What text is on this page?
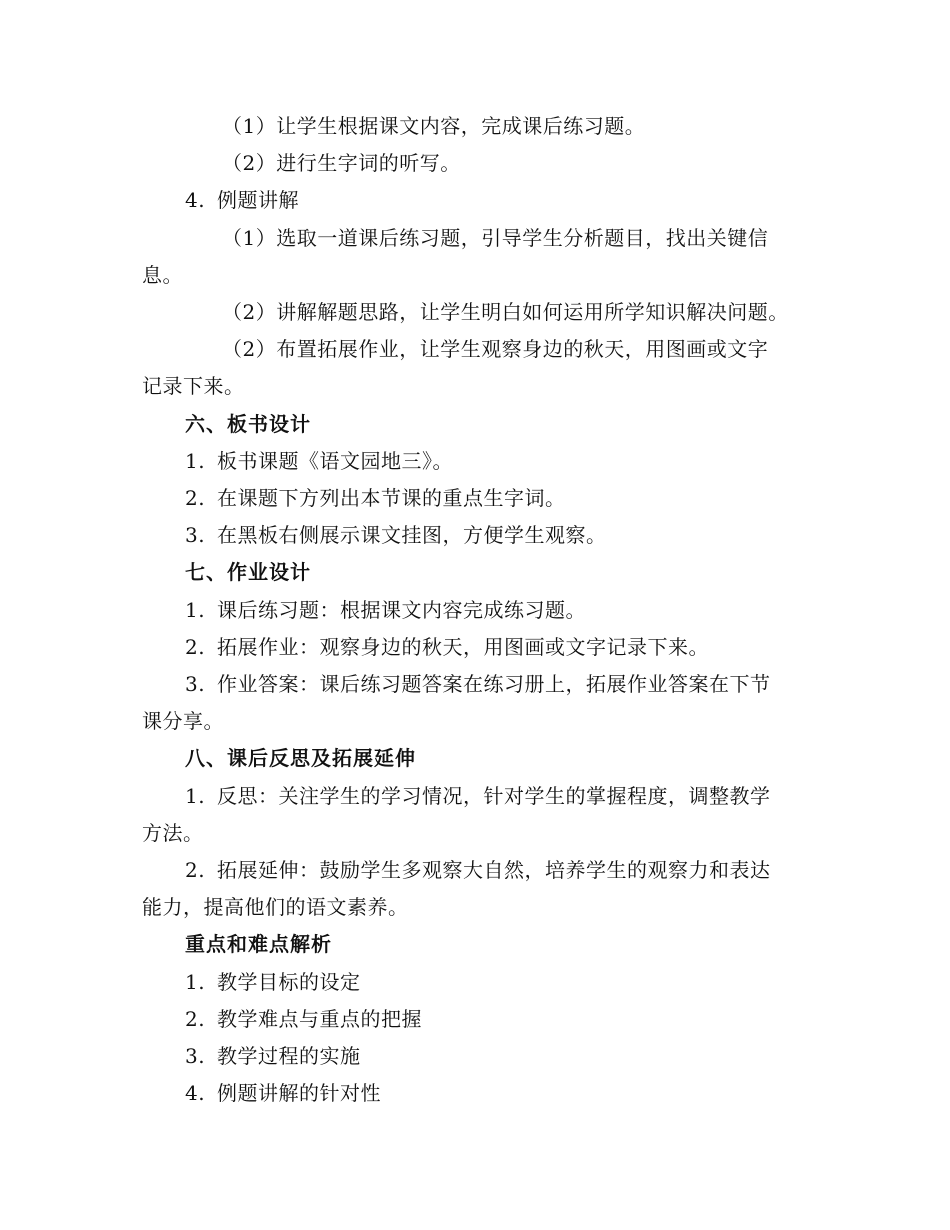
（1）让学生根据课文内容，完成课后练习题。
（2）进行生字词的听写。
4. 例题讲解
（1）选取一道课后练习题，引导学生分析题目，找出关键信
息。
（2）讲解解题思路，让学生明白如何运用所学知识解决问题。
（2）布置拓展作业，让学生观察身边的秋天，用图画或文字
记录下来。
六、板书设计
1. 板书课题《语文园地三》。
2. 在课题下方列出本节课的重点生字词。
3. 在黑板右侧展示课文挂图，方便学生观察。
七、作业设计
1. 课后练习题：根据课文内容完成练习题。
2. 拓展作业：观察身边的秋天，用图画或文字记录下来。
3. 作业答案：课后练习题答案在练习册上，拓展作业答案在下节
课分享。
八、课后反思及拓展延伸
1. 反思：关注学生的学习情况，针对学生的掌握程度，调整教学
方法。
2. 拓展延伸：鼓励学生多观察大自然，培养学生的观察力和表达
能力，提高他们的语文素养。
重点和难点解析
1. 教学目标的设定
2. 教学难点与重点的把握
3. 教学过程的实施
4. 例题讲解的针对性
